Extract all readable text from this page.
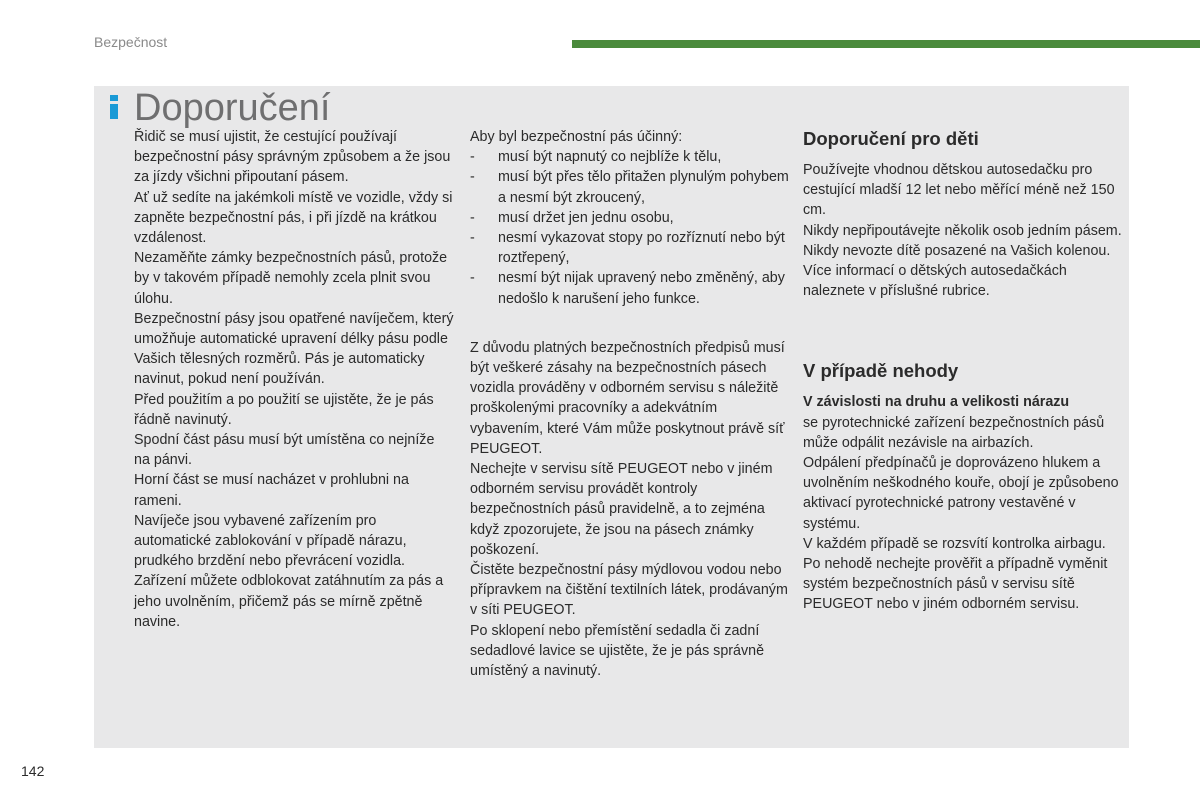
Bezpečnost
Doporučení

Řidič se musí ujistit, že cestující používají bezpečnostní pásy správným způsobem a že jsou za jízdy všichni připoutaní pásem.

Ať už sedíte na jakémkoli místě ve vozidle, vždy si zapněte bezpečnostní pás, i při jízdě na krátkou vzdálenost.

Nezaměňte zámky bezpečnostních pásů, protože by v takovém případě nemohly zcela plnit svou úlohu.

Bezpečnostní pásy jsou opatřené navíječem, který umožňuje automatické upravení délky pásu podle Vašich tělesných rozměrů. Pás je automaticky navinut, pokud není používán.

Před použitím a po použití se ujistěte, že je pás řádně navinutý.

Spodní část pásu musí být umístěna co nejníže na pánvi.

Horní část se musí nacházet v prohlubni na rameni.

Navíječe jsou vybavené zařízením pro automatické zablokování v případě nárazu, prudkého brzdění nebo převrácení vozidla. Zařízení můžete odblokovat zatáhnutím za pás a jeho uvolněním, přičemž pás se mírně zpětně navine.

Aby byl bezpečnostní pás účinný:

- musí být napnutý co nejblíže k tělu,
- musí být přes tělo přitažen plynulým pohybem a nesmí být zkroucený,
- musí držet jen jednu osobu,
- nesmí vykazovat stopy po rozříznutí nebo být roztřepený,
- nesmí být nijak upravený nebo změněný, aby nedošlo k narušení jeho funkce.

Z důvodu platných bezpečnostních předpisů musí být veškeré zásahy na bezpečnostních pásech vozidla prováděny v odborném servisu s náležitě proškolenými pracovníky a adekvátním vybavením, které Vám může poskytnout právě síť PEUGEOT.

Nechejte v servisu sítě PEUGEOT nebo v jiném odborném servisu provádět kontroly bezpečnostních pásů pravidelně, a to zejména když zpozorujete, že jsou na pásech známky poškození.

Čistěte bezpečnostní pásy mýdlovou vodou nebo přípravkem na čištění textilních látek, prodávaným v síti PEUGEOT.

Po sklopení nebo přemístění sedadla či zadní sedadlové lavice se ujistěte, že je pás správně umístěný a navinutý.

Doporučení pro děti

Používejte vhodnou dětskou autosedačku pro cestující mladší 12 let nebo měřící méně než 150 cm.

Nikdy nepřipoutávejte několik osob jedním pásem.

Nikdy nevozte dítě posazené na Vašich kolenou.

Více informací o dětských autosedačkách naleznete v příslušné rubrice.

V případě nehody

V závislosti na druhu a velikosti nárazu

se pyrotechnické zařízení bezpečnostních pásů může odpálit nezávisle na airbazích.

Odpálení předpínačů je doprovázeno hlukem a uvolněním neškodného kouře, obojí je způsobeno aktivací pyrotechnické patrony vestavěné v systému.

V každém případě se rozsvítí kontrolka airbagu.

Po nehodě nechejte prověřit a případně vyměnit systém bezpečnostních pásů v servisu sítě PEUGEOT nebo v jiném odborném servisu.

142
